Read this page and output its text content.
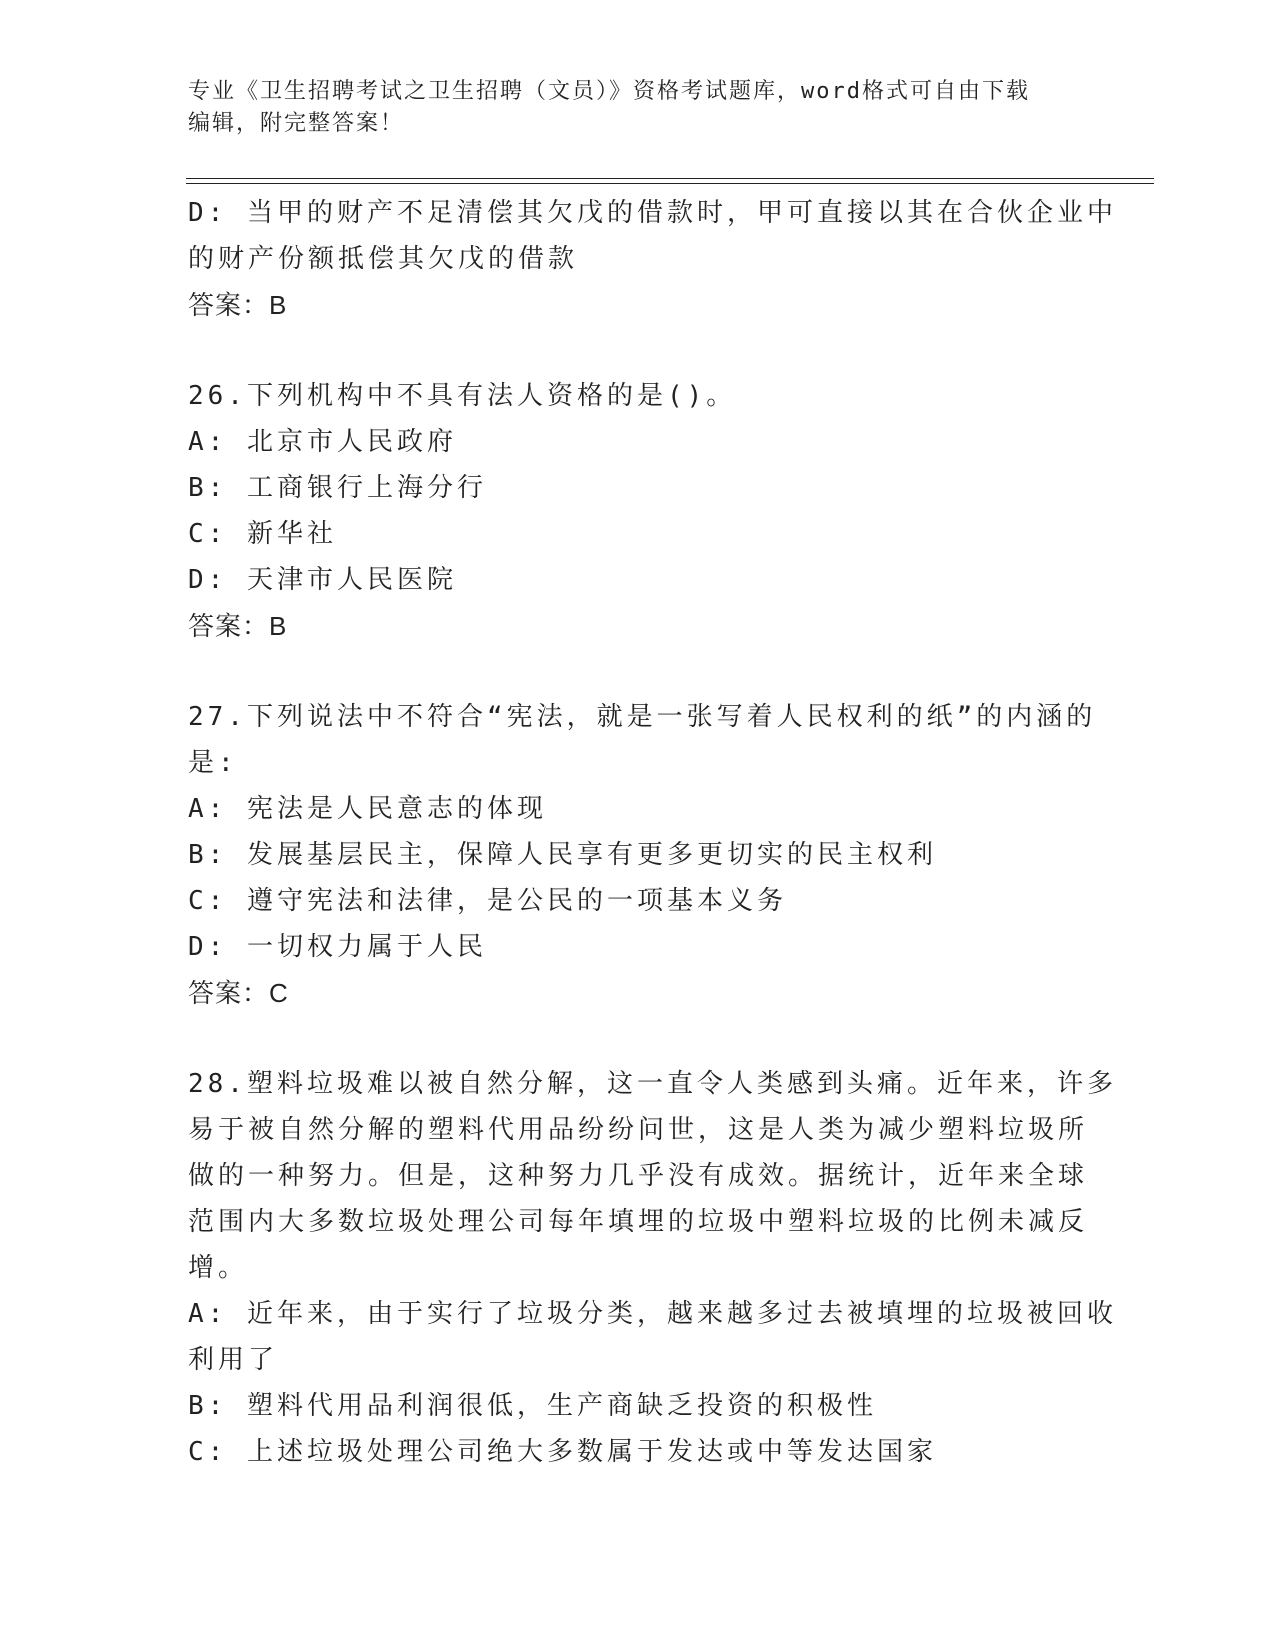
专业《卫生招聘考试之卫生招聘（文员）》资格考试题库，word格式可自由下载
编辑，附完整答案！
D: 当甲的财产不足清偿其欠戊的借款时，甲可直接以其在合伙企业中
的财产份额抵偿其欠戊的借款
答案：B
26.下列机构中不具有法人资格的是()。
A: 北京市人民政府
B: 工商银行上海分行
C: 新华社
D: 天津市人民医院
答案：B
27.下列说法中不符合“宪法，就是一张写着人民权利的纸”的内涵的
是:
A: 宪法是人民意志的体现
B: 发展基层民主，保障人民享有更多更切实的民主权利
C: 遵守宪法和法律，是公民的一项基本义务
D: 一切权力属于人民
答案：C
28.塑料垃圾难以被自然分解，这一直令人类感到头痛。近年来，许多
易于被自然分解的塑料代用品纷纷问世，这是人类为减少塑料垃圾所
做的一种努力。但是，这种努力几乎没有成效。据统计，近年来全球
范围内大多数垃圾处理公司每年填埋的垃圾中塑料垃圾的比例未减反
增。
A: 近年来，由于实行了垃圾分类，越来越多过去被填埋的垃圾被回收
利用了
B: 塑料代用品利润很低，生产商缺乏投资的积极性
C: 上述垃圾处理公司绝大多数属于发达或中等发达国家
